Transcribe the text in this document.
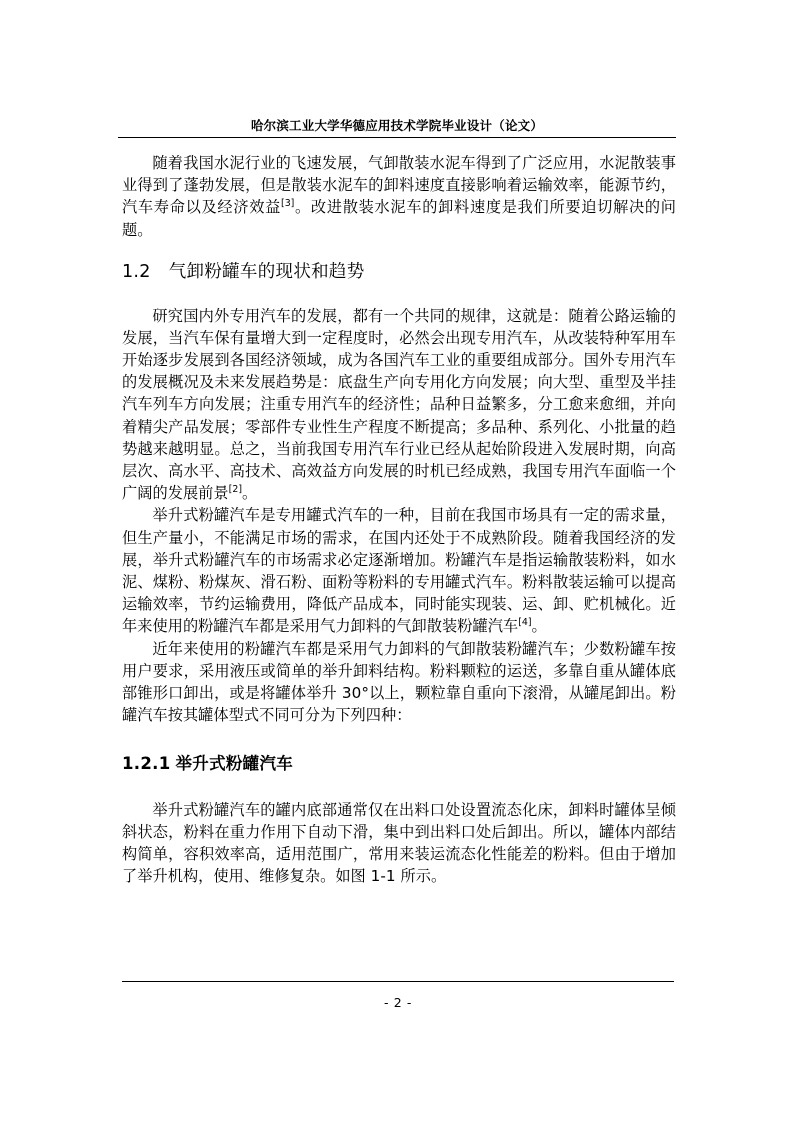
哈尔滨工业大学华德应用技术学院毕业设计（论文）

随着我国水泥行业的飞速发展，气卸散装水泥车得到了广泛应用，水泥散装事业得到了蓬勃发展，但是散装水泥车的卸料速度直接影响着运输效率，能源节约，汽车寿命以及经济效益[3]。改进散装水泥车的卸料速度是我们所要迫切解决的问题。

1.2 气卸粉罐车的现状和趋势

研究国内外专用汽车的发展，都有一个共同的规律，这就是：随着公路运输的发展，当汽车保有量增大到一定程度时，必然会出现专用汽车，从改装特种军用车开始逐步发展到各国经济领域，成为各国汽车工业的重要组成部分。国外专用汽车的发展概况及未来发展趋势是：底盘生产向专用化方向发展；向大型、重型及半挂汽车列车方向发展；注重专用汽车的经济性；品种日益繁多，分工愈来愈细，并向着精尖产品发展；零部件专业性生产程度不断提高；多品种、系列化、小批量的趋势越来越明显。总之，当前我国专用汽车行业已经从起始阶段进入发展时期，向高层次、高水平、高技术、高效益方向发展的时机已经成熟，我国专用汽车面临一个广阔的发展前景[2]。

举升式粉罐汽车是专用罐式汽车的一种，目前在我国市场具有一定的需求量，但生产量小，不能满足市场的需求，在国内还处于不成熟阶段。随着我国经济的发展，举升式粉罐汽车的市场需求必定逐渐增加。粉罐汽车是指运输散装粉料，如水泥、煤粉、粉煤灰、滑石粉、面粉等粉料的专用罐式汽车。粉料散装运输可以提高运输效率，节约运输费用，降低产品成本，同时能实现装、运、卸、贮机械化。近年来使用的粉罐汽车都是采用气力卸料的气卸散装粉罐汽车[4]。

近年来使用的粉罐汽车都是采用气力卸料的气卸散装粉罐汽车；少数粉罐车按用户要求，采用液压或简单的举升卸料结构。粉料颗粒的运送，多靠自重从罐体底部锥形口卸出，或是将罐体举升 30°以上，颗粒靠自重向下滚滑，从罐尾卸出。粉罐汽车按其罐体型式不同可分为下列四种：

1.2.1 举升式粉罐汽车

举升式粉罐汽车的罐内底部通常仅在出料口处设置流态化床，卸料时罐体呈倾斜状态，粉料在重力作用下自动下滑，集中到出料口处后卸出。所以，罐体内部结构简单，容积效率高，适用范围广，常用来装运流态化性能差的粉料。但由于增加了举升机构，使用、维修复杂。如图 1-1 所示。

- 2 -
